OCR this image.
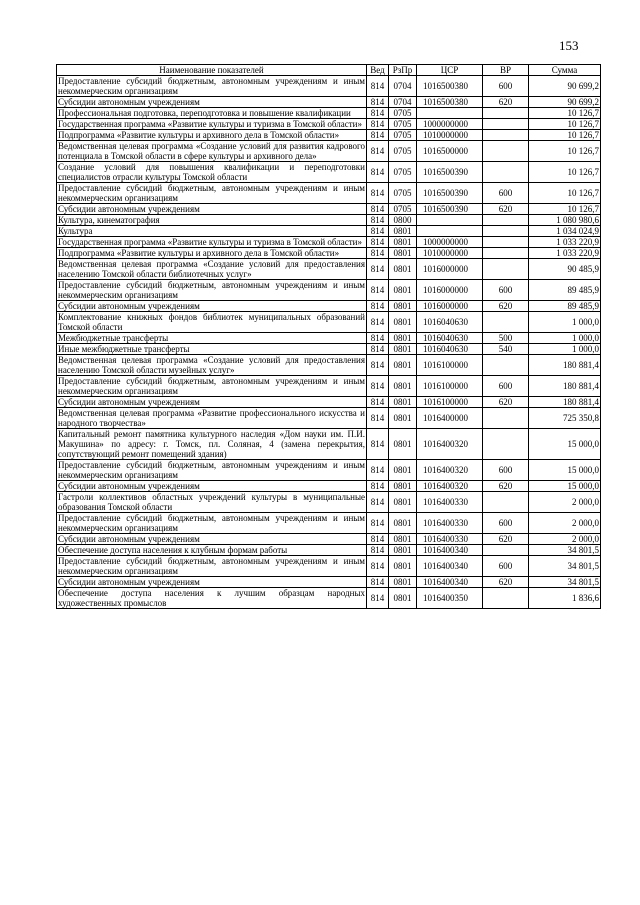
153
Наименование показателей	Вед	РзПр	ЦСР	ВР	Сумма
Предоставление субсидий бюджетным, автономным учреждениям и иным некоммерческим организациям	814	0704	1016500380	600	90 699,2
Субсидии автономным учреждениям	814	0704	1016500380	620	90 699,2
Профессиональная подготовка, переподготовка и повышение квалификации	814	0705			10 126,7
Государственная программа «Развитие культуры и туризма в Томской области»	814	0705	1000000000		10 126,7
Подпрограмма «Развитие культуры и архивного дела в Томской области»	814	0705	1010000000		10 126,7
Ведомственная целевая программа «Создание условий для развития кадрового потенциала в Томской области в сфере культуры и архивного дела»	814	0705	1016500000		10 126,7
Создание условий для повышения квалификации и переподготовки специалистов отрасли культуры Томской области	814	0705	1016500390		10 126,7
Предоставление субсидий бюджетным, автономным учреждениям и иным некоммерческим организациям	814	0705	1016500390	600	10 126,7
Субсидии автономным учреждениям	814	0705	1016500390	620	10 126,7
Культура, кинематография	814	0800			1 080 980,6
Культура	814	0801			1 034 024,9
Государственная программа «Развитие культуры и туризма в Томской области»	814	0801	1000000000		1 033 220,9
Подпрограмма «Развитие культуры и архивного дела в Томской области»	814	0801	1010000000		1 033 220,9
Ведомственная целевая программа «Создание условий для предоставления населению Томской области библиотечных услуг»	814	0801	1016000000		90 485,9
Предоставление субсидий бюджетным, автономным учреждениям и иным некоммерческим организациям	814	0801	1016000000	600	89 485,9
Субсидии автономным учреждениям	814	0801	1016000000	620	89 485,9
Комплектование книжных фондов библиотек муниципальных образований Томской области	814	0801	1016040630		1 000,0
Межбюджетные трансферты	814	0801	1016040630	500	1 000,0
Иные межбюджетные трансферты	814	0801	1016040630	540	1 000,0
Ведомственная целевая программа «Создание условий для предоставления населению Томской области музейных услуг»	814	0801	1016100000		180 881,4
Предоставление субсидий бюджетным, автономным учреждениям и иным некоммерческим организациям	814	0801	1016100000	600	180 881,4
Субсидии автономным учреждениям	814	0801	1016100000	620	180 881,4
Ведомственная целевая программа «Развитие профессионального искусства и народного творчества»	814	0801	1016400000		725 350,8
Капитальный ремонт памятника культурного наследия «Дом науки им. П.И. Макушина» по адресу: г. Томск, пл. Соляная, 4 (замена перекрытия, сопутствующий ремонт помещений здания)	814	0801	1016400320		15 000,0
Предоставление субсидий бюджетным, автономным учреждениям и иным некоммерческим организациям	814	0801	1016400320	600	15 000,0
Субсидии автономным учреждениям	814	0801	1016400320	620	15 000,0
Гастроли коллективов областных учреждений культуры в муниципальные образования Томской области	814	0801	1016400330		2 000,0
Предоставление субсидий бюджетным, автономным учреждениям и иным некоммерческим организациям	814	0801	1016400330	600	2 000,0
Субсидии автономным учреждениям	814	0801	1016400330	620	2 000,0
Обеспечение доступа населения к клубным формам работы	814	0801	1016400340		34 801,5
Предоставление субсидий бюджетным, автономным учреждениям и иным некоммерческим организациям	814	0801	1016400340	600	34 801,5
Субсидии автономным учреждениям	814	0801	1016400340	620	34 801,5
Обеспечение доступа населения к лучшим образцам народных художественных промыслов	814	0801	1016400350		1 836,6
